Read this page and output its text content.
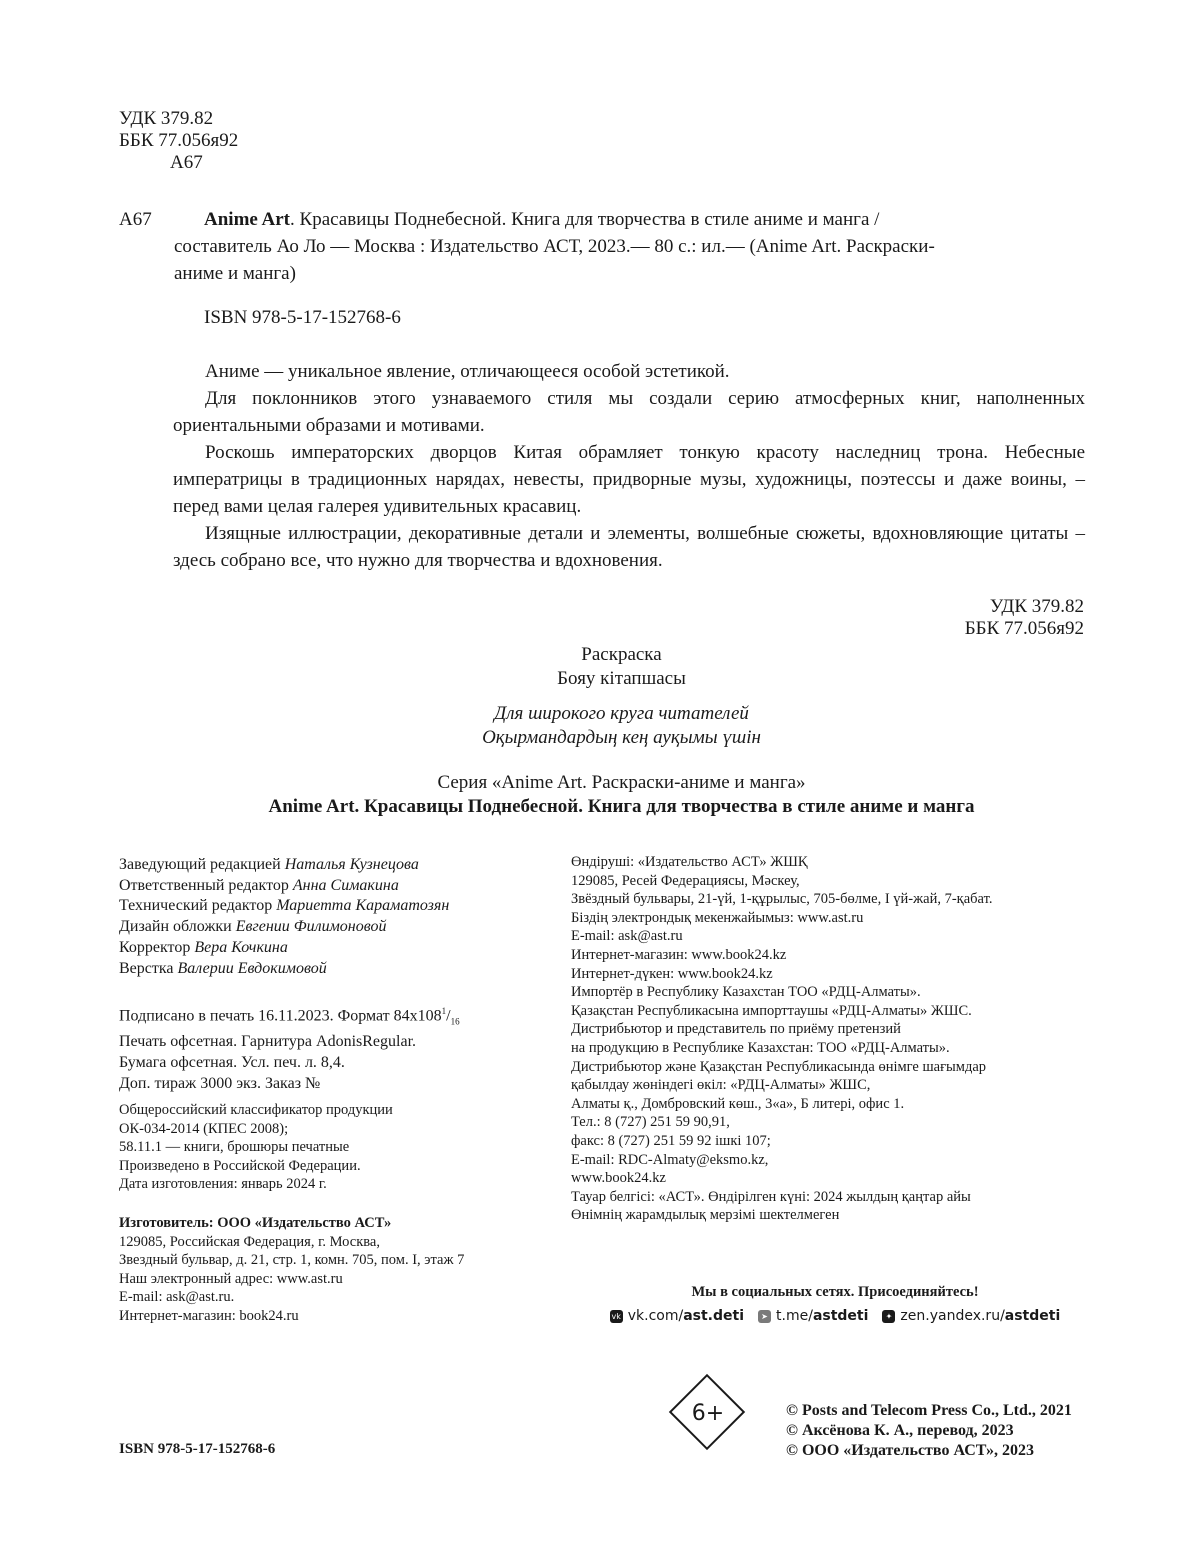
УДК 379.82
ББК 77.056я92
А67
А67	Anime Art. Красавицы Поднебесной. Книга для творчества в стиле аниме и манга /
составитель Ао Ло — Москва : Издательство АСТ, 2023.— 80 с.: ил.— (Anime Art. Раскраски-
аниме и манга)
ISBN 978-5-17-152768-6
Аниме — уникальное явление, отличающееся особой эстетикой.
Для поклонников этого узнаваемого стиля мы создали серию атмосферных книг, наполненных ориентальными образами и мотивами.
Роскошь императорских дворцов Китая обрамляет тонкую красоту наследниц трона. Небесные императрицы в традиционных нарядах, невесты, придворные музы, художницы, поэтессы и даже воины, – перед вами целая галерея удивительных красавиц.
Изящные иллюстрации, декоративные детали и элементы, волшебные сюжеты, вдохновляющие цитаты – здесь собрано все, что нужно для творчества и вдохновения.
УДК 379.82
ББК 77.056я92
Раскраска
Бояу кітапшасы
Для широкого круга читателей
Оқырмандардың кең ауқымы үшін
Серия «Anime Art. Раскраски-аниме и манга»
Anime Art. Красавицы Поднебесной. Книга для творчества в стиле аниме и манга
Заведующий редакцией Наталья Кузнецова
Ответственный редактор Анна Симакина
Технический редактор Мариетта Караматозян
Дизайн обложки Евгении Филимоновой
Корректор Вера Кочкина
Верстка Валерии Евдокимовой
Подписано в печать 16.11.2023. Формат $84x108^1/_{16}$
Печать офсетная. Гарнитура AdonisRegular.
Бумага офсетная. Усл. печ. л. 8,4.
Доп. тираж 3000 экз. Заказ №
Общероссийский классификатор продукции
ОК-034-2014 (КПЕС 2008);
58.11.1 — книги, брошюры печатные
Произведено в Российской Федерации.
Дата изготовления: январь 2024 г.
Изготовитель: ООО «Издательство АСТ»
129085, Российская Федерация, г. Москва,
Звездный бульвар, д. 21, стр. 1, комн. 705, пом. I, этаж 7
Наш электронный адрес: www.ast.ru
E-mail: ask@ast.ru.
Интернет-магазин: book24.ru
Өндіруші: «Издательство АСТ» ЖШҚ
129085, Ресей Федерациясы, Мәскеу,
Звёздный бульвары, 21-үй, 1-құрылыс, 705-бөлме, I үй-жай, 7-қабат.
Біздің электрондық мекенжайымыз: www.ast.ru
E-mail: ask@ast.ru
Интернет-магазин: www.book24.kz
Интернет-дүкен: www.book24.kz
Импортёр в Республику Казахстан ТОО «РДЦ-Алматы».
Қазақстан Республикасына импорттаушы «РДЦ-Алматы» ЖШС.
Дистрибьютор и представитель по приёму претензий
на продукцию в Республике Казахстан: ТОО «РДЦ-Алматы».
Дистрибьютор және Қазақстан Республикасында өнімге шағымдар
қабылдау жөніндегі өкіл: «РДЦ-Алматы» ЖШС,
Алматы қ., Домбровский көш., 3«а», Б литері, офис 1.
Тел.: 8 (727) 251 59 90,91,
факс: 8 (727) 251 59 92 ішкі 107;
E-mail: RDC-Almaty@eksmo.kz,
www.book24.kz
Тауар белгісі: «АСТ». Өндірілген күні: 2024 жылдың қаңтар айы
Өнімнің жарамдылық мерзімі шектелмеген
Мы в социальных сетях. Присоединяйтесь!
vk vk.com/ast.deti	➤ t.me/astdeti	✦ zen.yandex.ru/astdeti
6+	© Posts and Telecom Press Co., Ltd., 2021
© Аксёнова К. А., перевод, 2023
© ООО «Издательство АСТ», 2023
ISBN 978-5-17-152768-6
